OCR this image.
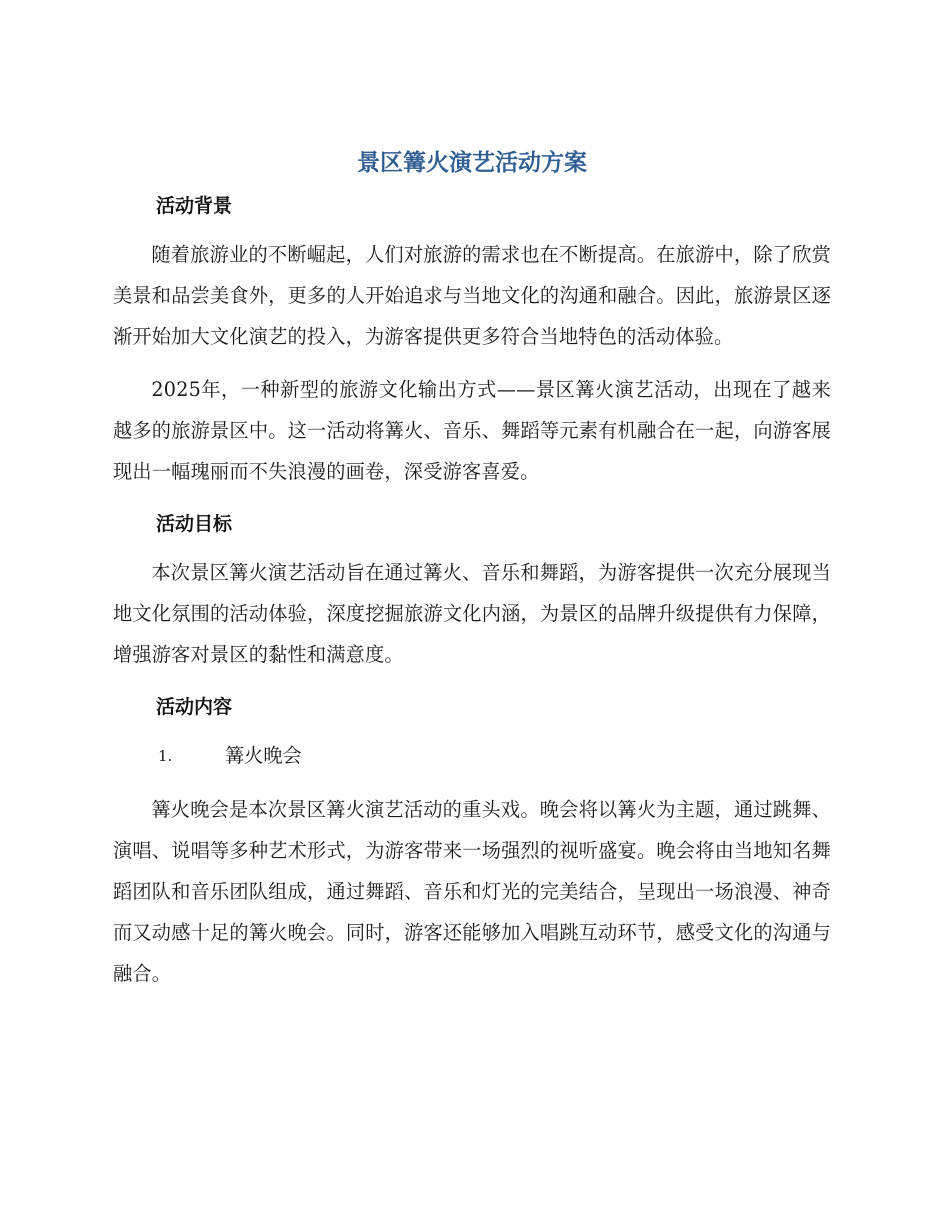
景区篝火演艺活动方案
活动背景

随着旅游业的不断崛起，人们对旅游的需求也在不断提高。在旅游中，除了欣赏美景和品尝美食外，更多的人开始追求与当地文化的沟通和融合。因此，旅游景区逐渐开始加大文化演艺的投入，为游客提供更多符合当地特色的活动体验。

2025年，一种新型的旅游文化输出方式——景区篝火演艺活动，出现在了越来越多的旅游景区中。这一活动将篝火、音乐、舞蹈等元素有机融合在一起，向游客展现出一幅瑰丽而不失浪漫的画卷，深受游客喜爱。

活动目标

本次景区篝火演艺活动旨在通过篝火、音乐和舞蹈，为游客提供一次充分展现当地文化氛围的活动体验，深度挖掘旅游文化内涵，为景区的品牌升级提供有力保障，增强游客对景区的黏性和满意度。

活动内容
1.	篝火晚会

篝火晚会是本次景区篝火演艺活动的重头戏。晚会将以篝火为主题，通过跳舞、演唱、说唱等多种艺术形式，为游客带来一场强烈的视听盛宴。晚会将由当地知名舞蹈团队和音乐团队组成，通过舞蹈、音乐和灯光的完美结合，呈现出一场浪漫、神奇而又动感十足的篝火晚会。同时，游客还能够加入唱跳互动环节，感受文化的沟通与融合。
